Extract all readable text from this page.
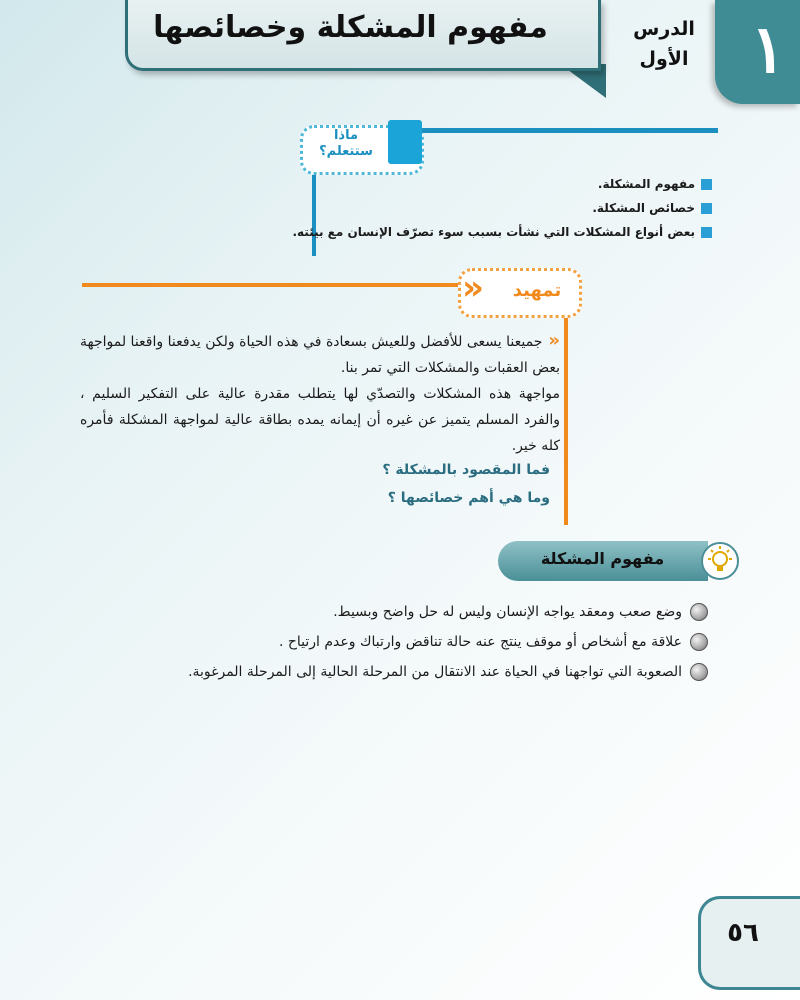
١
الدرس
الأول
مفهوم المشكلة وخصائصها
ماذا
ستتعلم؟
مفهوم المشكلة.
خصائص المشكلة.
بعض أنواع المشكلات التي نشأت بسبب سوء تصرّف الإنسان مع بيئته.
«	تمهيد

«جميعنا يسعى للأفضل وللعيش بسعادة في هذه الحياة ولكن يدفعنا واقعنا لمواجهة بعض العقبات والمشكلات التي تمر بنا.

مواجهة هذه المشكلات والتصدّي لها يتطلب مقدرة عالية على التفكير السليم ، والفرد المسلم يتميز عن غيره أن إيمانه يمده بطاقة عالية لمواجهة المشكلة فأمره كله خير.

فما المقصود بالمشكلة ؟
وما هي أهم خصائصها ؟
مفهوم المشكلة
وضع صعب ومعقد يواجه الإنسان وليس له حل واضح وبسيط.
علاقة مع أشخاص أو موقف ينتج عنه حالة تناقض وارتباك وعدم ارتياح .
الصعوبة التي تواجهنا في الحياة عند الانتقال من المرحلة الحالية إلى المرحلة المرغوبة.
٥٦
